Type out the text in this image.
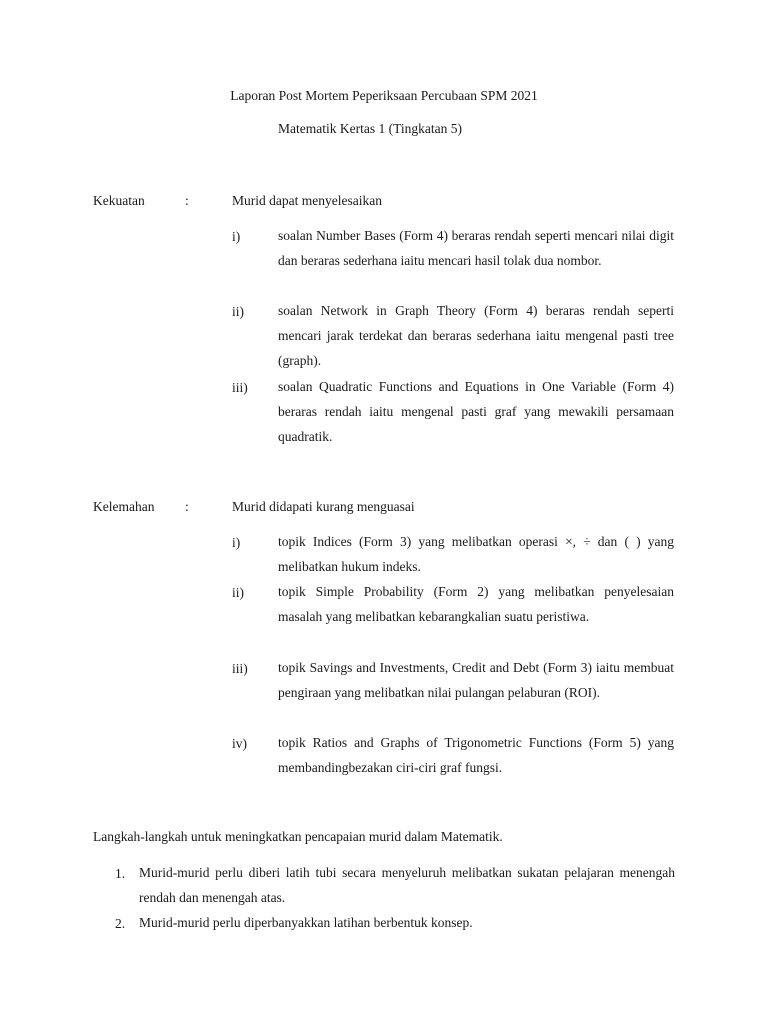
Laporan Post Mortem Peperiksaan Percubaan SPM 2021
Matematik Kertas 1 (Tingkatan 5)
Kekuatan	:	Murid dapat menyelesaikan
i)	soalan Number Bases (Form 4) beraras rendah seperti mencari nilai digit dan beraras sederhana iaitu mencari hasil tolak dua nombor.
ii)	soalan Network in Graph Theory (Form 4) beraras rendah seperti mencari jarak terdekat dan beraras sederhana iaitu mengenal pasti tree (graph).
iii) soalan Quadratic Functions and Equations in One Variable (Form 4) beraras rendah iaitu mengenal pasti graf yang mewakili persamaan quadratik.
Kelemahan :	Murid didapati kurang menguasai
i)	topik Indices (Form 3) yang melibatkan operasi ×, ÷ dan ( ) yang melibatkan hukum indeks.
ii)	topik Simple Probability (Form 2) yang melibatkan penyelesaian masalah yang melibatkan kebarangkalian suatu peristiwa.
iii) topik Savings and Investments, Credit and Debt (Form 3) iaitu membuat pengiraan yang melibatkan nilai pulangan pelaburan (ROI).
iv) topik Ratios and Graphs of Trigonometric Functions (Form 5) yang membandingbezakan ciri-ciri graf fungsi.
Langkah-langkah untuk meningkatkan pencapaian murid dalam Matematik.
1. Murid-murid perlu diberi latih tubi secara menyeluruh melibatkan sukatan pelajaran menengah rendah dan menengah atas.
2. Murid-murid perlu diperbanyakkan latihan berbentuk konsep.
